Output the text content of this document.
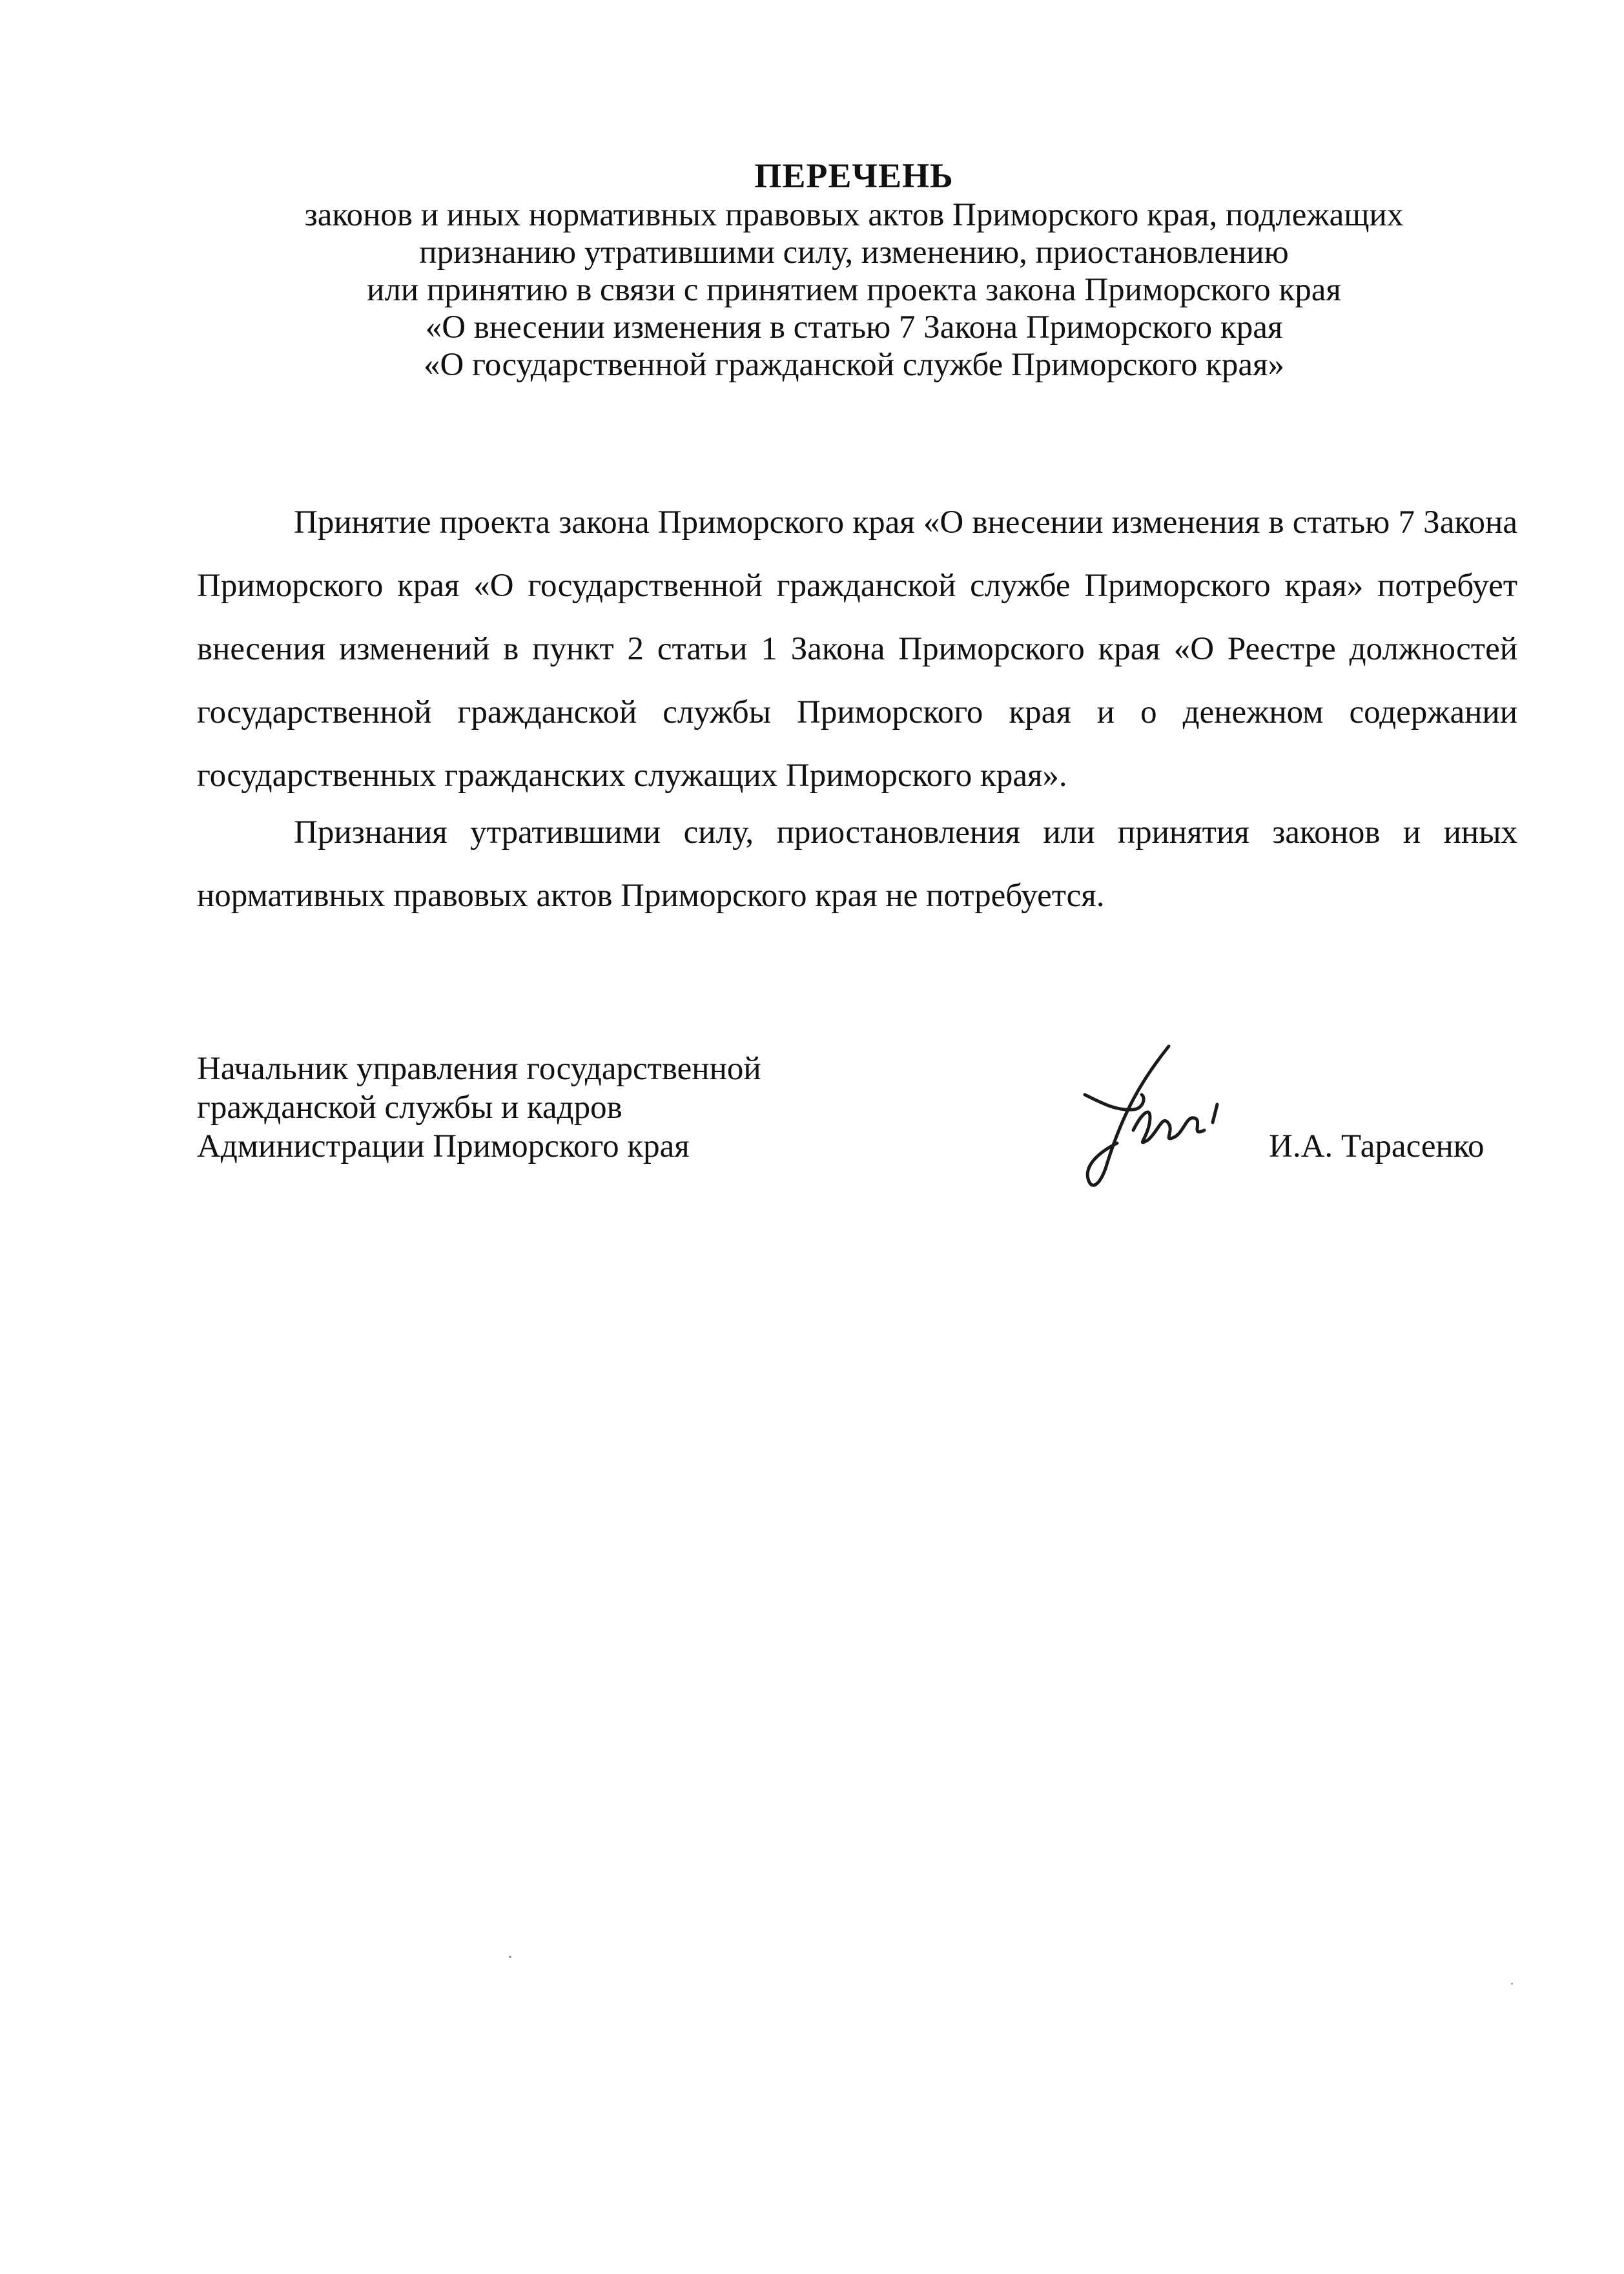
ПЕРЕЧЕНЬ
законов и иных нормативных правовых актов Приморского края, подлежащих
признанию утратившими силу, изменению, приостановлению
или принятию в связи с принятием проекта закона Приморского края
«О внесении изменения в статью 7 Закона Приморского края
«О государственной гражданской службе Приморского края»

Принятие проекта закона Приморского края «О внесении изменения в статью 7 Закона Приморского края «О государственной гражданской службе Приморского края» потребует внесения изменений в пункт 2 статьи 1 Закона Приморского края «О Реестре должностей государственной гражданской службы Приморского края и о денежном содержании государственных гражданских служащих Приморского края».

Признания утратившими силу, приостановления или принятия законов и иных нормативных правовых актов Приморского края не потребуется.

Начальник управления государственной
гражданской службы и кадров
Администрации Приморского края	И.А. Тарасенко
